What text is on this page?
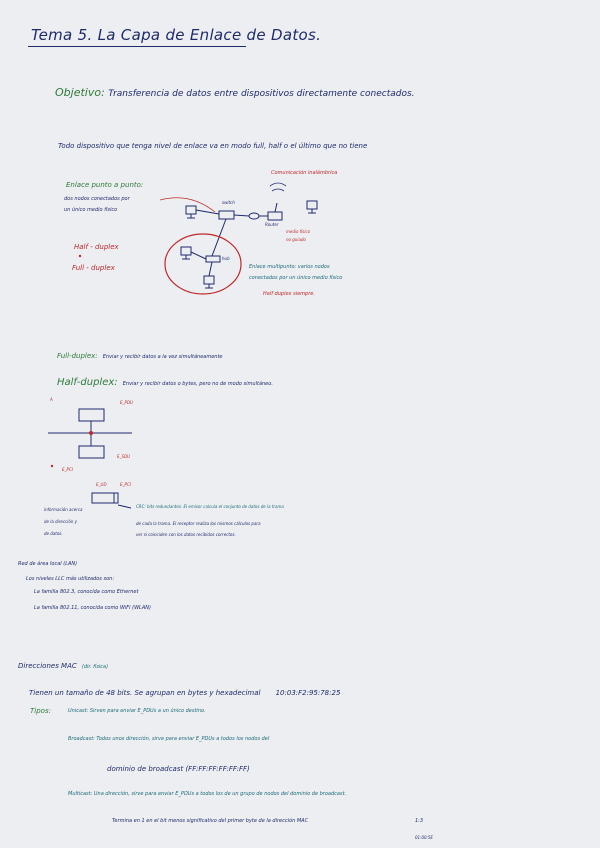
Tema 5. La Capa de Enlace de Datos.
Objetivo: Transferencia de datos entre dispositivos directamente conectados.
Todo dispositivo que tenga nivel de enlace va en modo full, half o el último que no tiene
Enlace punto a punto:
dos nodos conectados por
un único medio físico
Half - duplex
Full - duplex
Comunicación inalámbrica
switch
hub
Router
medio físico
no guiado
Enlace multipunto: varios nodos
conectados por un único medio físico
Half duplex siempre.
Full-duplex: Enviar y recibir datos a la vez simultáneamente
Half-duplex: Enviar y recibir datos o bytes, pero no de modo simultáneo.
A
E_PDU
E_SDU
E_PCI
E_UD	E_PCI
información acerca
de la dirección y
de datos.
CRC: bits redundantes. El emisor calcula el conjunto de datos de la trama
de cada la trama. El receptor realiza los mismos cálculos para
ver si coinciden con los datos recibidos correctos.
Red de área local (LAN)
Los niveles LLC más utilizados son:
La familia 802.3, conocida como Ethernet
La familia 802.11, conocida como WiFi (WLAN)
Direcciones MAC (dir. física)
Tienen un tamaño de 48 bits. Se agrupan en bytes y hexadecimal 10:03:F2:95:78:25
Tipos:	Unicast: Sirven para enviar E_PDUs a un único destino.
Broadcast: Todos unos dirección, sirve para enviar E_PDUs a todos los nodos del
dominio de broadcast (FF:FF:FF:FF:FF:FF)
Multicast: Una dirección, sirve para enviar E_PDUs a todos los de un grupo de nodos del dominio de broadcast.
Termina en 1 en el bit menos significativo del primer byte de la dirección MAC	1:3
01:00:5E
